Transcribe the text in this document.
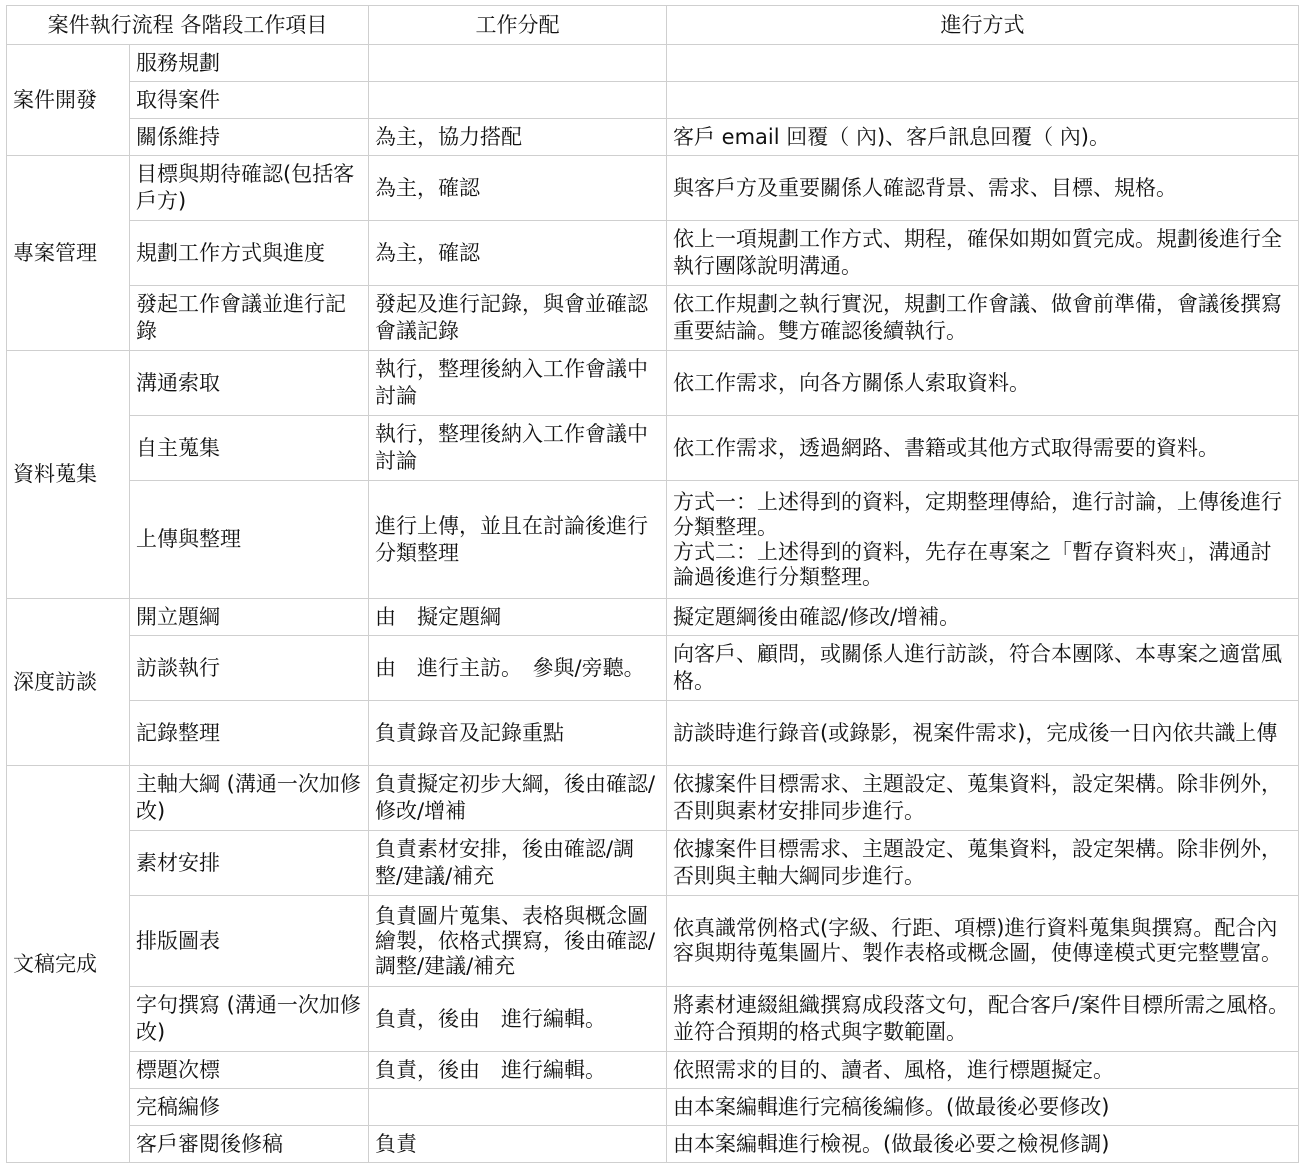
案件執行流程 各階段工作項目		工作分配	進行方式
案件開發	服務規劃		
	取得案件		
	關係維持	為主，協力搭配	客戶 email 回覆（ 內)、客戶訊息回覆（ 內)。
專案管理	目標與期待確認(包括客戶方)	為主，確認	與客戶方及重要關係人確認背景、需求、目標、規格。
	規劃工作方式與進度	為主，確認	依上一項規劃工作方式、期程，確保如期如質完成。規劃後進行全執行團隊說明溝通。
	發起工作會議並進行記錄	發起及進行記錄，與會並確認會議記錄	依工作規劃之執行實況，規劃工作會議、做會前準備，會議後撰寫重要結論。雙方確認後續執行。
資料蒐集	溝通索取	執行，整理後納入工作會議中討論	依工作需求，向各方關係人索取資料。
	自主蒐集	執行，整理後納入工作會議中討論	依工作需求，透過網路、書籍或其他方式取得需要的資料。
	上傳與整理	進行上傳，並且在討論後進行分類整理	方式一：上述得到的資料，定期整理傳給，進行討論，上傳後進行分類整理。
方式二：上述得到的資料，先存在專案之「暫存資料夾」，溝通討論過後進行分類整理。
深度訪談	開立題綱	由　擬定題綱	擬定題綱後由確認/修改/增補。
	訪談執行	由　進行主訪。　參與/旁聽。	向客戶、顧問，或關係人進行訪談，符合本團隊、本專案之適當風格。
	記錄整理	負責錄音及記錄重點	訪談時進行錄音(或錄影，視案件需求)，完成後一日內依共識上傳
文稿完成	主軸大綱 (溝通一次加修改)	負責擬定初步大綱，後由確認/修改/增補	依據案件目標需求、主題設定、蒐集資料，設定架構。除非例外，否則與素材安排同步進行。
	素材安排	負責素材安排，後由確認/調整/建議/補充	依據案件目標需求、主題設定、蒐集資料，設定架構。除非例外，否則與主軸大綱同步進行。
	排版圖表	負責圖片蒐集、表格與概念圖繪製，依格式撰寫，後由確認/調整/建議/補充	依真識常例格式(字級、行距、項標)進行資料蒐集與撰寫。配合內容與期待蒐集圖片、製作表格或概念圖，使傳達模式更完整豐富。
	字句撰寫 (溝通一次加修改)	負責，後由　進行編輯。	將素材連綴組織撰寫成段落文句，配合客戶/案件目標所需之風格。並符合預期的格式與字數範圍。
	標題次標	負責，後由　進行編輯。	依照需求的目的、讀者、風格，進行標題擬定。
	完稿編修		由本案編輯進行完稿後編修。(做最後必要修改)
	客戶審閱後修稿	負責	由本案編輯進行檢視。(做最後必要之檢視修調)
